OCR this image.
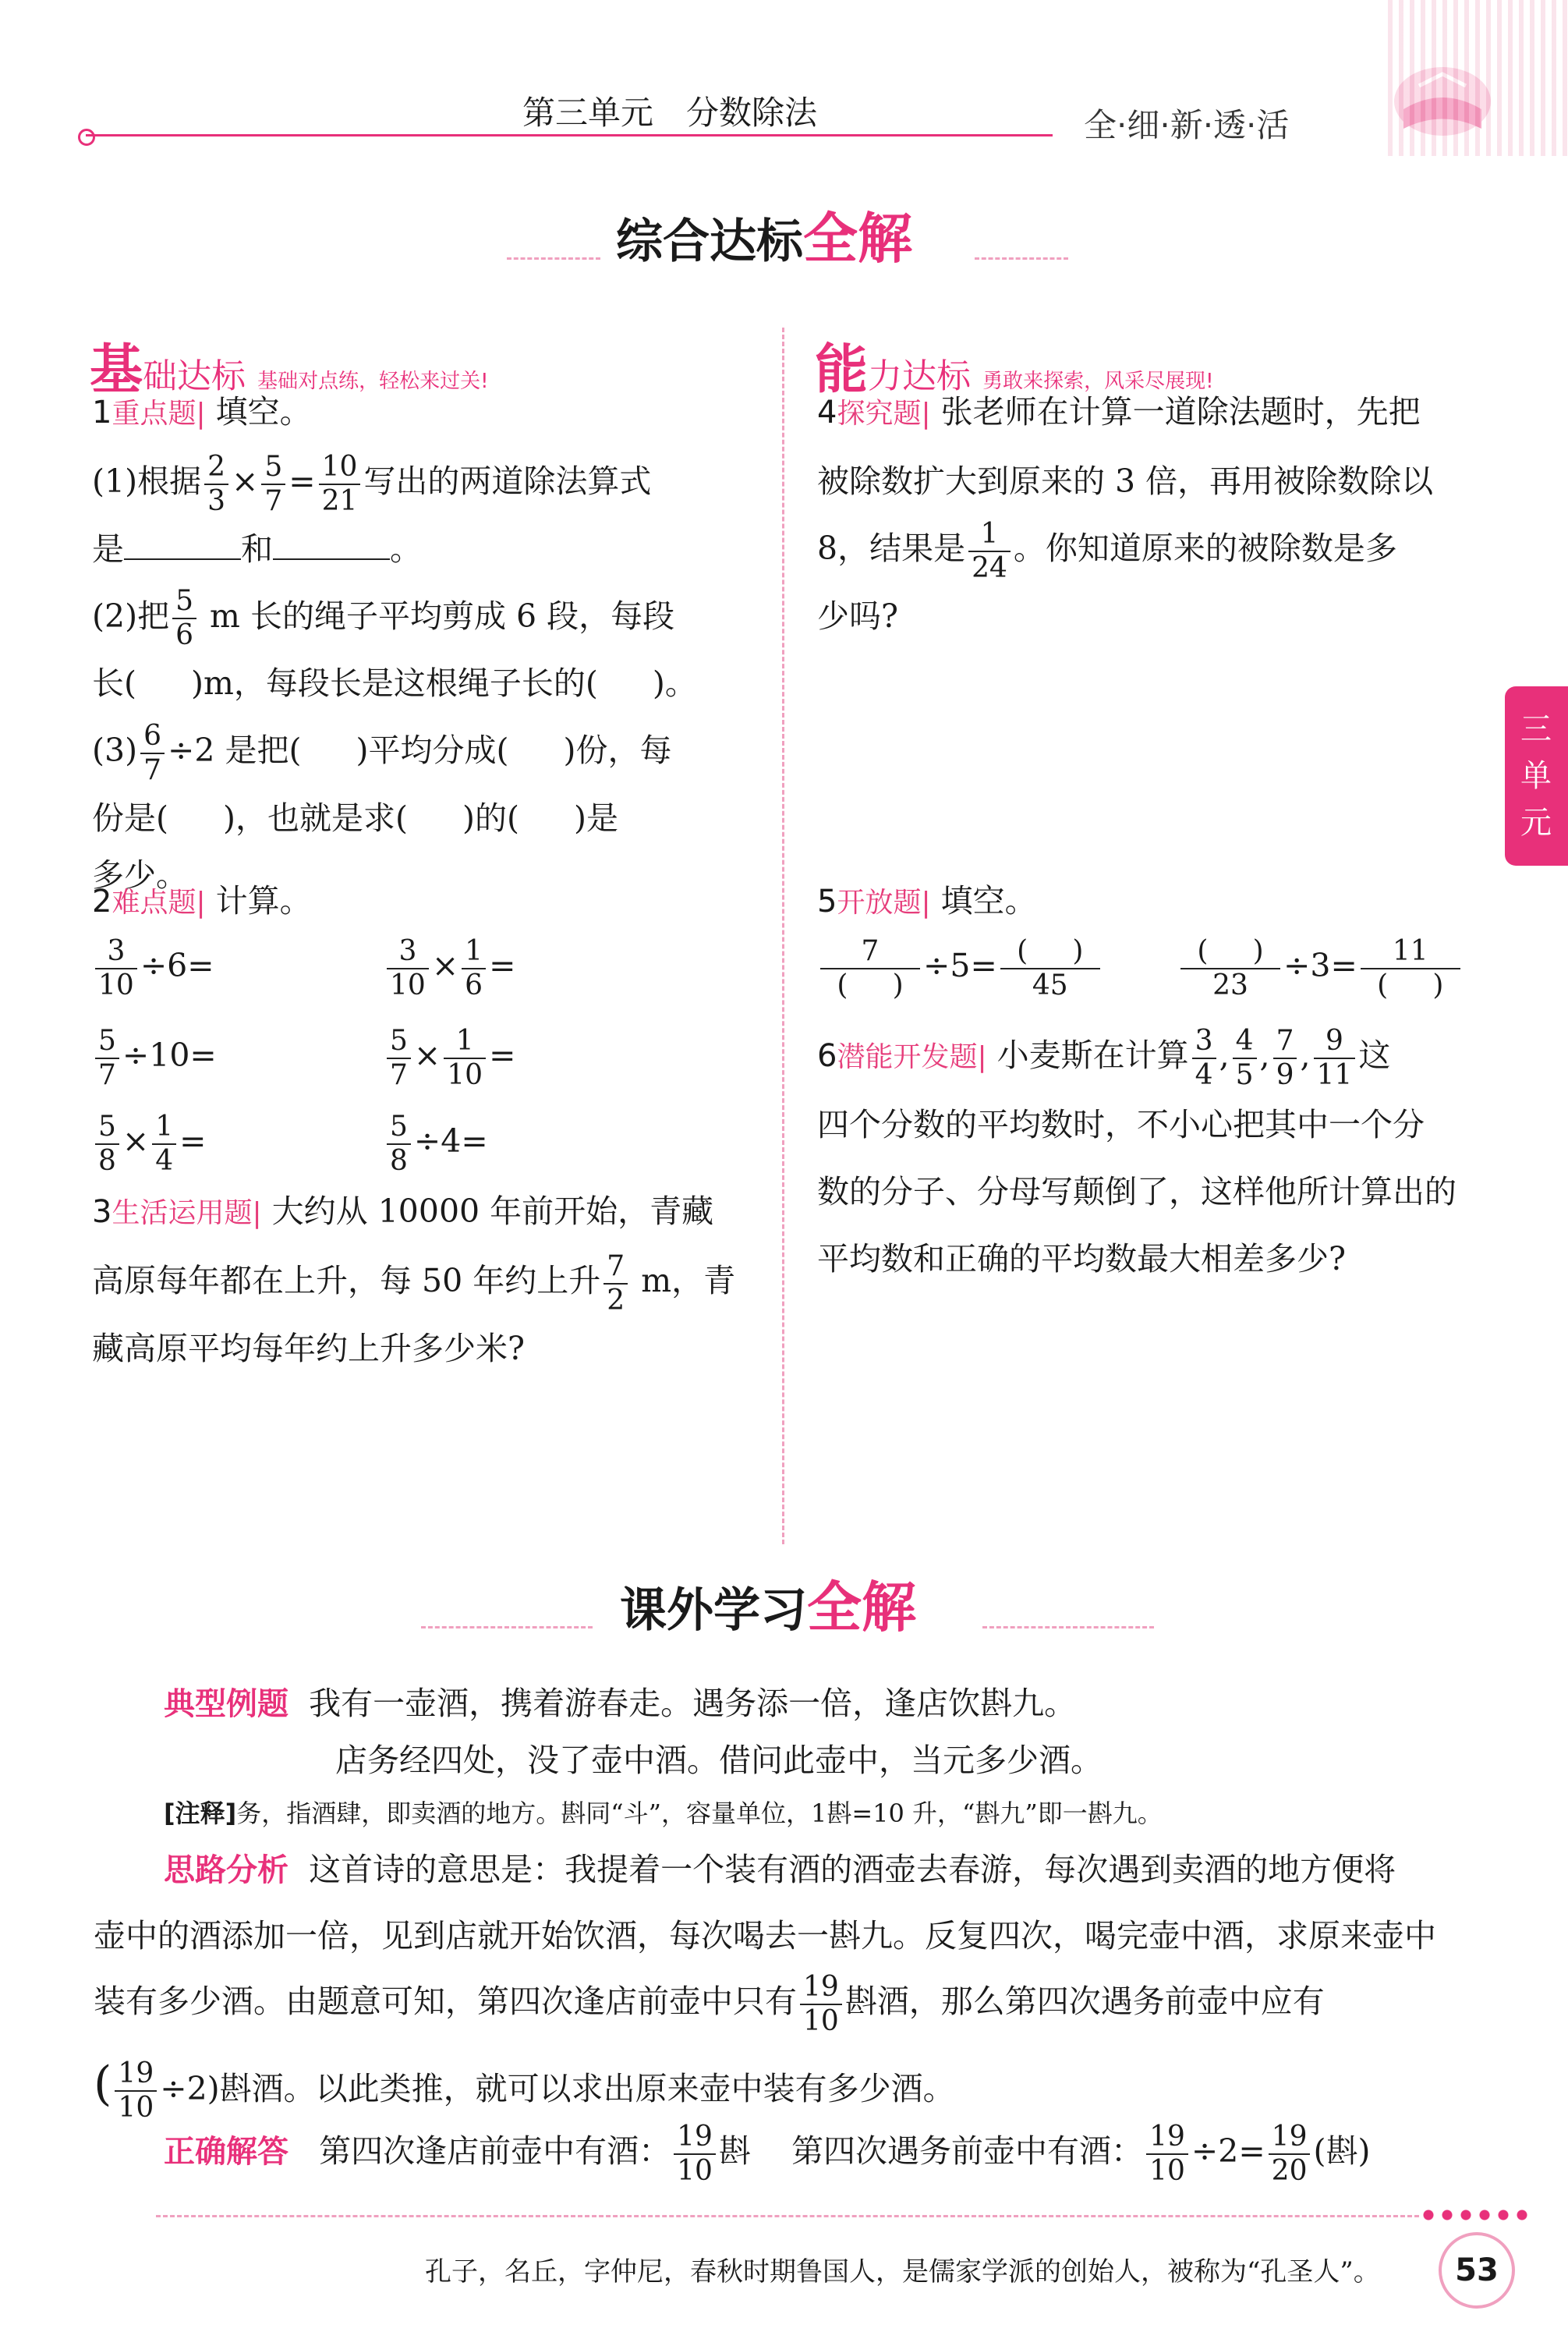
第三单元　分数除法	全·细·新·透·活
综合达标全解
三单元
基础达标 基础对点练，轻松来过关!	能力达标 勇敢来探索，风采尽展现!
1重点题| 填空。
(1)根据 $\frac{2}{3} \times \frac{5}{7} = \frac{10}{21}$ 写出的两道除法算式
是	和	。
(2)把 $\frac{5}{6}$ m 长的绳子平均剪成 6 段，每段
长( )m，每段长是这根绳子长的( )。
$(3) \frac{6}{7} \div 2$ 是把( )平均分成( )份，每
份是( )，也就是求( )的( )是
多少。
2难点题| 计算。
$\frac{3}{10} \div 6=$	$\frac{3}{10} \times \frac{1}{6}$ =
$\frac{5}{7} \div 10=$	$\frac{5}{7} \times \frac{1}{10}$ =
$\frac{5}{8} \times \frac{1}{4}$ =	$\frac{5}{8} \div 4=$
3生活运用题| 大约从 10000 年前开始，青藏
高原每年都在上升，每 50 年约上升 $\frac{7}{2}$ m，青
藏高原平均每年约上升多少米?
4探究题| 张老师在计算一道除法题时，先把
被除数扩大到原来的 3 倍，再用被除数除以
8，结果是 $\frac{1}{24}$ 。你知道原来的被除数是多
少吗?
5开放题| 填空。
$\frac{7}{( )} \div 5= \frac{( )}{45}$	$\frac{( )}{23} \div 3= \frac{11}{( )}$
6潜能开发题| 小麦斯在计算 $\frac{3}{4}$ , $\frac{4}{5}$ , $\frac{7}{9}$ , $\frac{9}{11}$ 这
四个分数的平均数时，不小心把其中一个分
数的分子、分母写颠倒了，这样他所计算出的
平均数和正确的平均数最大相差多少?
课外学习全解
典型例题 我有一壶酒，携着游春走。遇务添一倍，逢店饮斟九。
店务经四处，没了壶中酒。借问此壶中，当元多少酒。
[注释]务，指酒肆，即卖酒的地方。斟同“斗”，容量单位，1斟=10 升，“斟九”即一斟九。
思路分析 这首诗的意思是：我提着一个装有酒的酒壶去春游，每次遇到卖酒的地方便将
壶中的酒添加一倍，见到店就开始饮酒，每次喝去一斟九。反复四次，喝完壶中酒，求原来壶中
装有多少酒。由题意可知，第四次逢店前壶中只有 $\frac{19}{10}$ 斟酒，那么第四次遇务前壶中应有
( $\frac{19}{10} \div 2$)斟酒。以此类推，就可以求出原来壶中装有多少酒。
正确解答 第四次逢店前壶中有酒： $\frac{19}{10}$ 斟 第四次遇务前壶中有酒： $\frac{19}{10} \div 2= \frac{19}{20}$ (斟)
孔子，名丘，字仲尼，春秋时期鲁国人，是儒家学派的创始人，被称为“孔圣人”。	53
